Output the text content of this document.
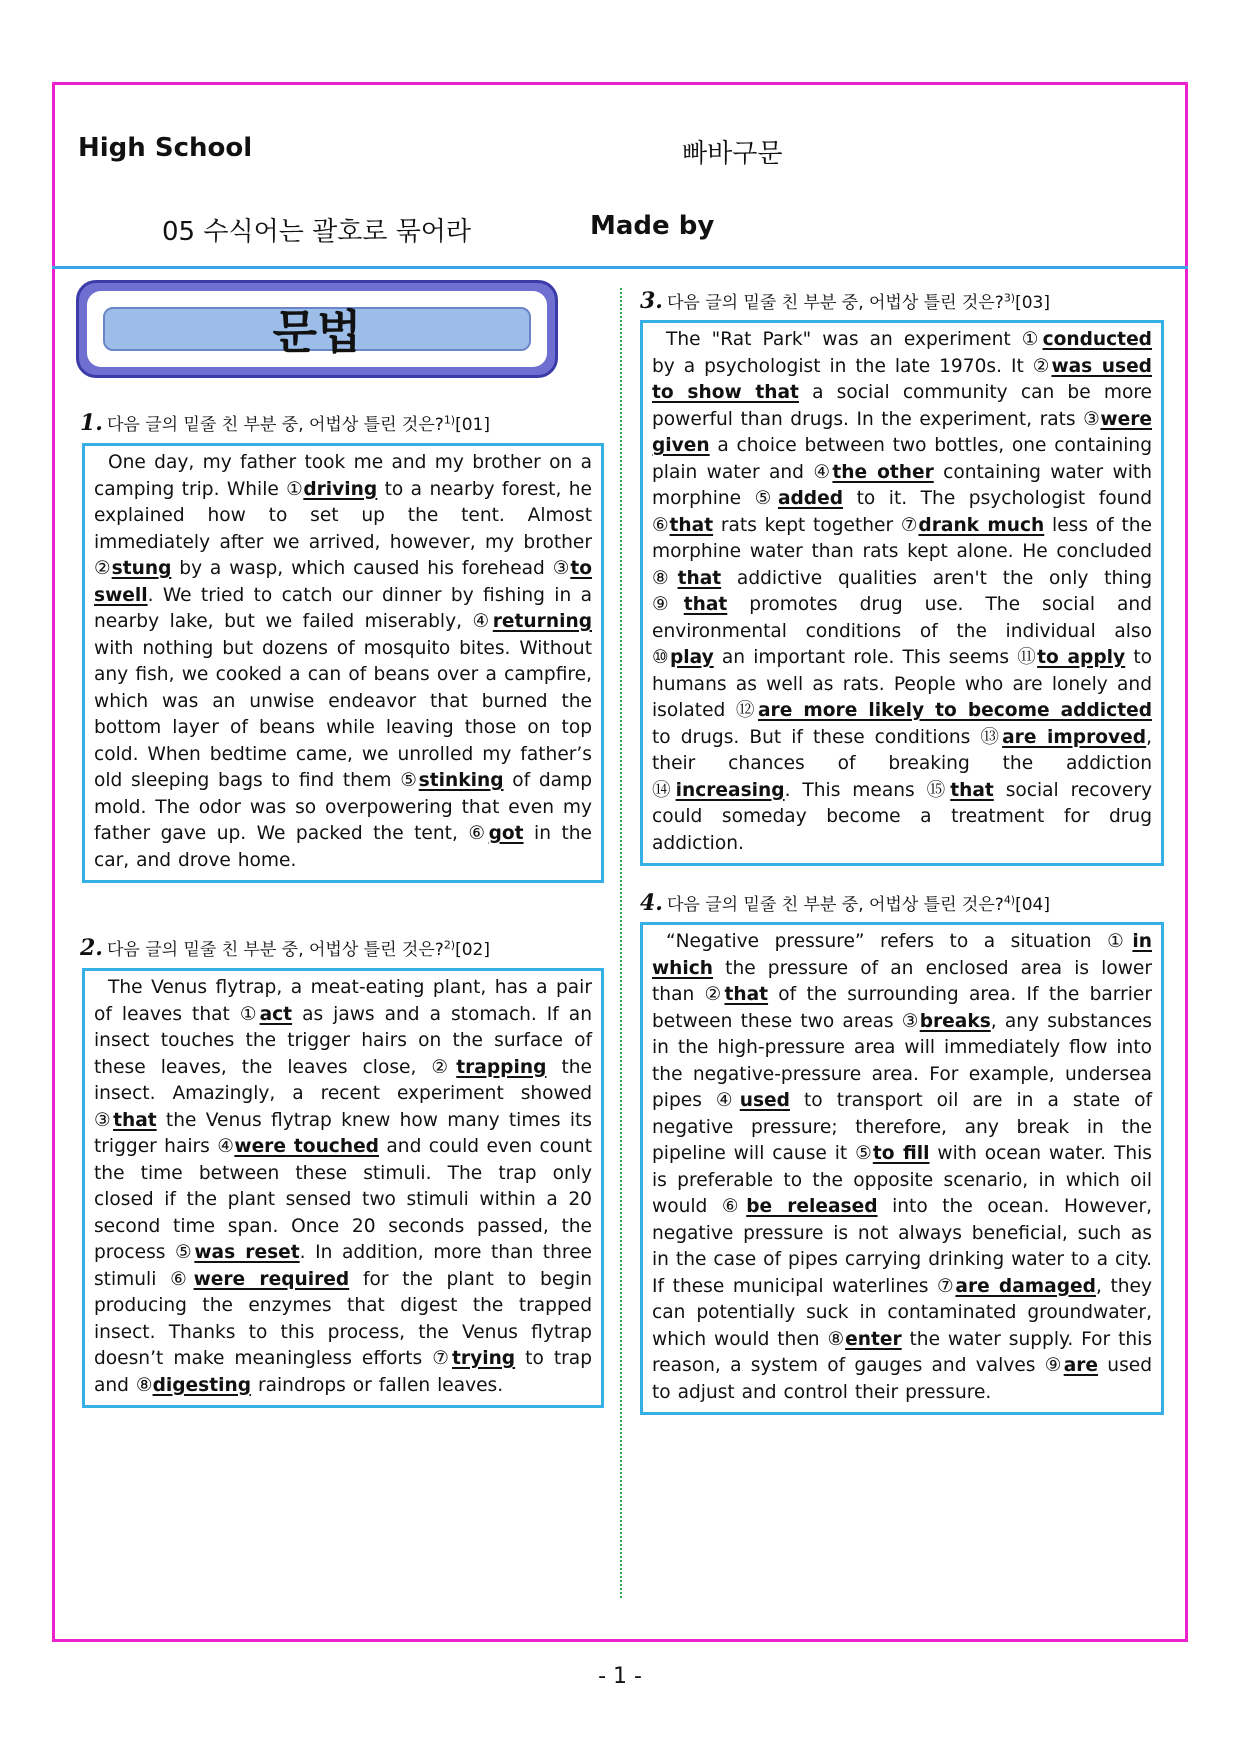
High School	빠바구문
05 수식어는 괄호로 묶어라	Made by
문법
1. 다음 글의 밑줄 친 부분 중, 어법상 틀린 것은?$^{1)}$[01]
One day, my father took me and my brother on a camping trip. While ①driving to a nearby forest, he explained how to set up the tent. Almost immediately after we arrived, however, my brother ②stung by a wasp, which caused his forehead ③to swell. We tried to catch our dinner by fishing in a nearby lake, but we failed miserably, ④returning with nothing but dozens of mosquito bites. Without any fish, we cooked a can of beans over a campfire, which was an unwise endeavor that burned the bottom layer of beans while leaving those on top cold. When bedtime came, we unrolled my father’s old sleeping bags to find them ⑤stinking of damp mold. The odor was so overpowering that even my father gave up. We packed the tent, ⑥got in the car, and drove home.
2. 다음 글의 밑줄 친 부분 중, 어법상 틀린 것은?$^{2)}$[02]
The Venus flytrap, a meat-eating plant, has a pair of leaves that ①act as jaws and a stomach. If an insect touches the trigger hairs on the surface of these leaves, the leaves close, ②trapping the insect. Amazingly, a recent experiment showed ③that the Venus flytrap knew how many times its trigger hairs ④were touched and could even count the time between these stimuli. The trap only closed if the plant sensed two stimuli within a 20 second time span. Once 20 seconds passed, the process ⑤was reset. In addition, more than three stimuli ⑥were required for the plant to begin producing the enzymes that digest the trapped insect. Thanks to this process, the Venus flytrap doesn’t make meaningless efforts ⑦trying to trap and ⑧digesting raindrops or fallen leaves.
3. 다음 글의 밑줄 친 부분 중, 어법상 틀린 것은?$^{3)}$[03]
The "Rat Park" was an experiment ①conducted by a psychologist in the late 1970s. It ②was used to show that a social community can be more powerful than drugs. In the experiment, rats ③were given a choice between two bottles, one containing plain water and ④the other containing water with morphine ⑤added to it. The psychologist found ⑥that rats kept together ⑦drank much less of the morphine water than rats kept alone. He concluded ⑧that addictive qualities aren't the only thing ⑨that promotes drug use. The social and environmental conditions of the individual also ⑩play an important role. This seems ⑪to apply to humans as well as rats. People who are lonely and isolated ⑫are more likely to become addicted to drugs. But if these conditions ⑬are improved, their chances of breaking the addiction ⑭increasing. This means ⑮that social recovery could someday become a treatment for drug addiction.
4. 다음 글의 밑줄 친 부분 중, 어법상 틀린 것은?$^{4)}$[04]
“Negative pressure” refers to a situation ①in which the pressure of an enclosed area is lower than ②that of the surrounding area. If the barrier between these two areas ③breaks, any substances in the high-pressure area will immediately flow into the negative-pressure area. For example, undersea pipes ④used to transport oil are in a state of negative pressure; therefore, any break in the pipeline will cause it ⑤to fill with ocean water. This is preferable to the opposite scenario, in which oil would ⑥be released into the ocean. However, negative pressure is not always beneficial, such as in the case of pipes carrying drinking water to a city. If these municipal waterlines ⑦are damaged, they can potentially suck in contaminated groundwater, which would then ⑧enter the water supply. For this reason, a system of gauges and valves ⑨are used to adjust and control their pressure.
- 1 -
